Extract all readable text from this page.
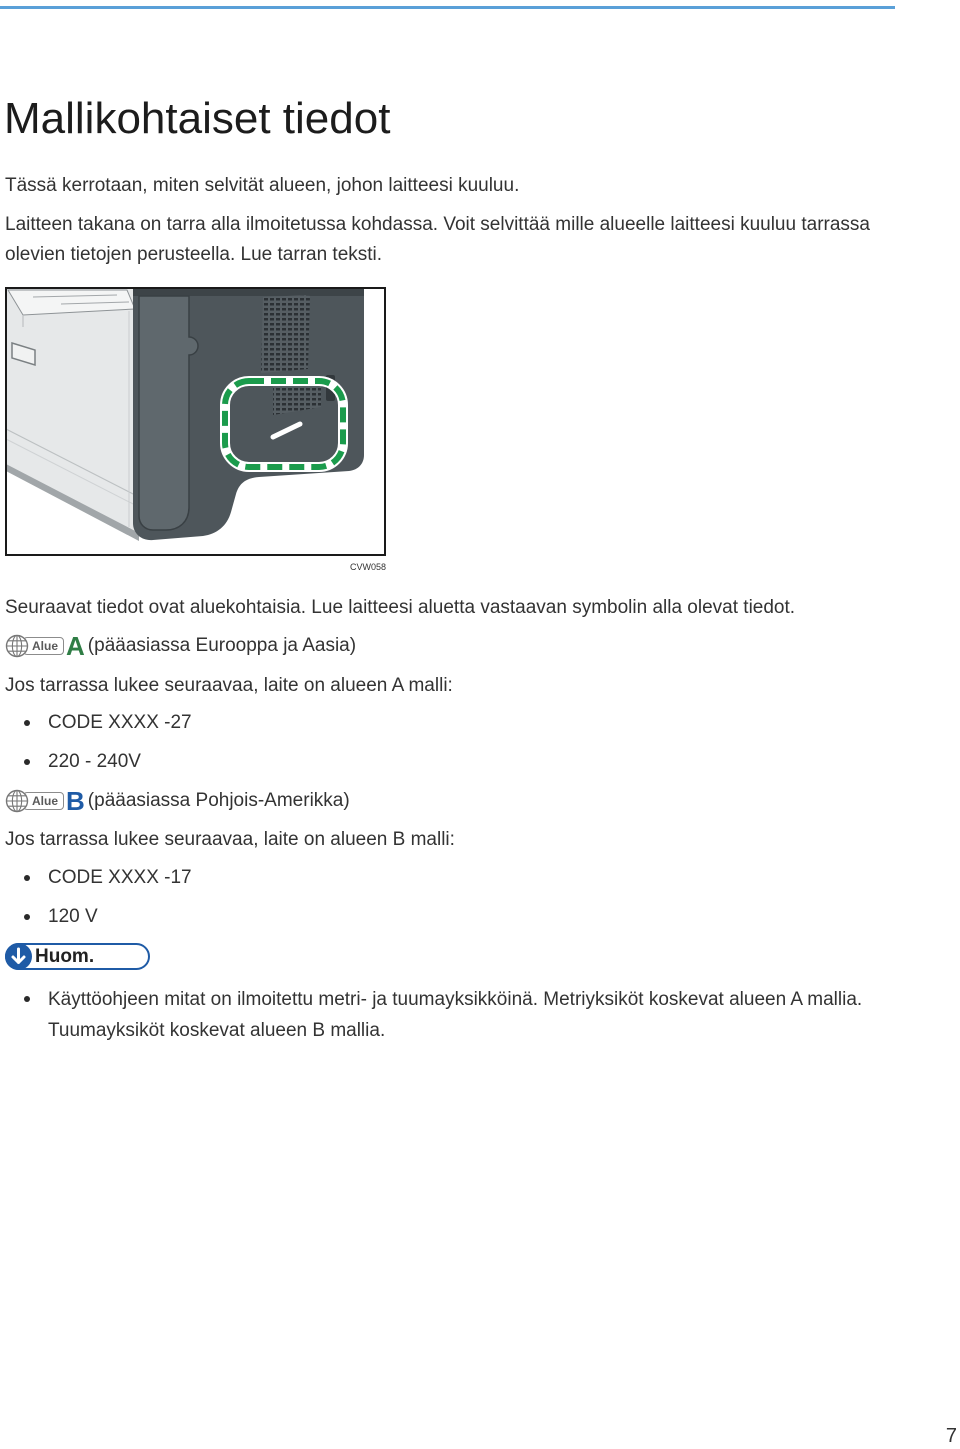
Mallikohtaiset tiedot

Tässä kerrotaan, miten selvität alueen, johon laitteesi kuuluu.

Laitteen takana on tarra alla ilmoitetussa kohdassa. Voit selvittää mille alueelle laitteesi kuuluu tarrassa olevien tietojen perusteella. Lue tarran teksti.

CVW058

Seuraavat tiedot ovat aluekohtaisia. Lue laitteesi aluetta vastaavan symbolin alla olevat tiedot.

Alue A (pääasiassa Eurooppa ja Aasia)

Jos tarrassa lukee seuraavaa, laite on alueen A malli:

CODE XXXX -27
220 - 240V
Alue B (pääasiassa Pohjois-Amerikka)

Jos tarrassa lukee seuraavaa, laite on alueen B malli:

CODE XXXX -17
120 V
Huom.
Käyttöohjeen mitat on ilmoitettu metri- ja tuumayksikköinä. Metriyksiköt koskevat alueen A mallia. Tuumayksiköt koskevat alueen B mallia.
7
